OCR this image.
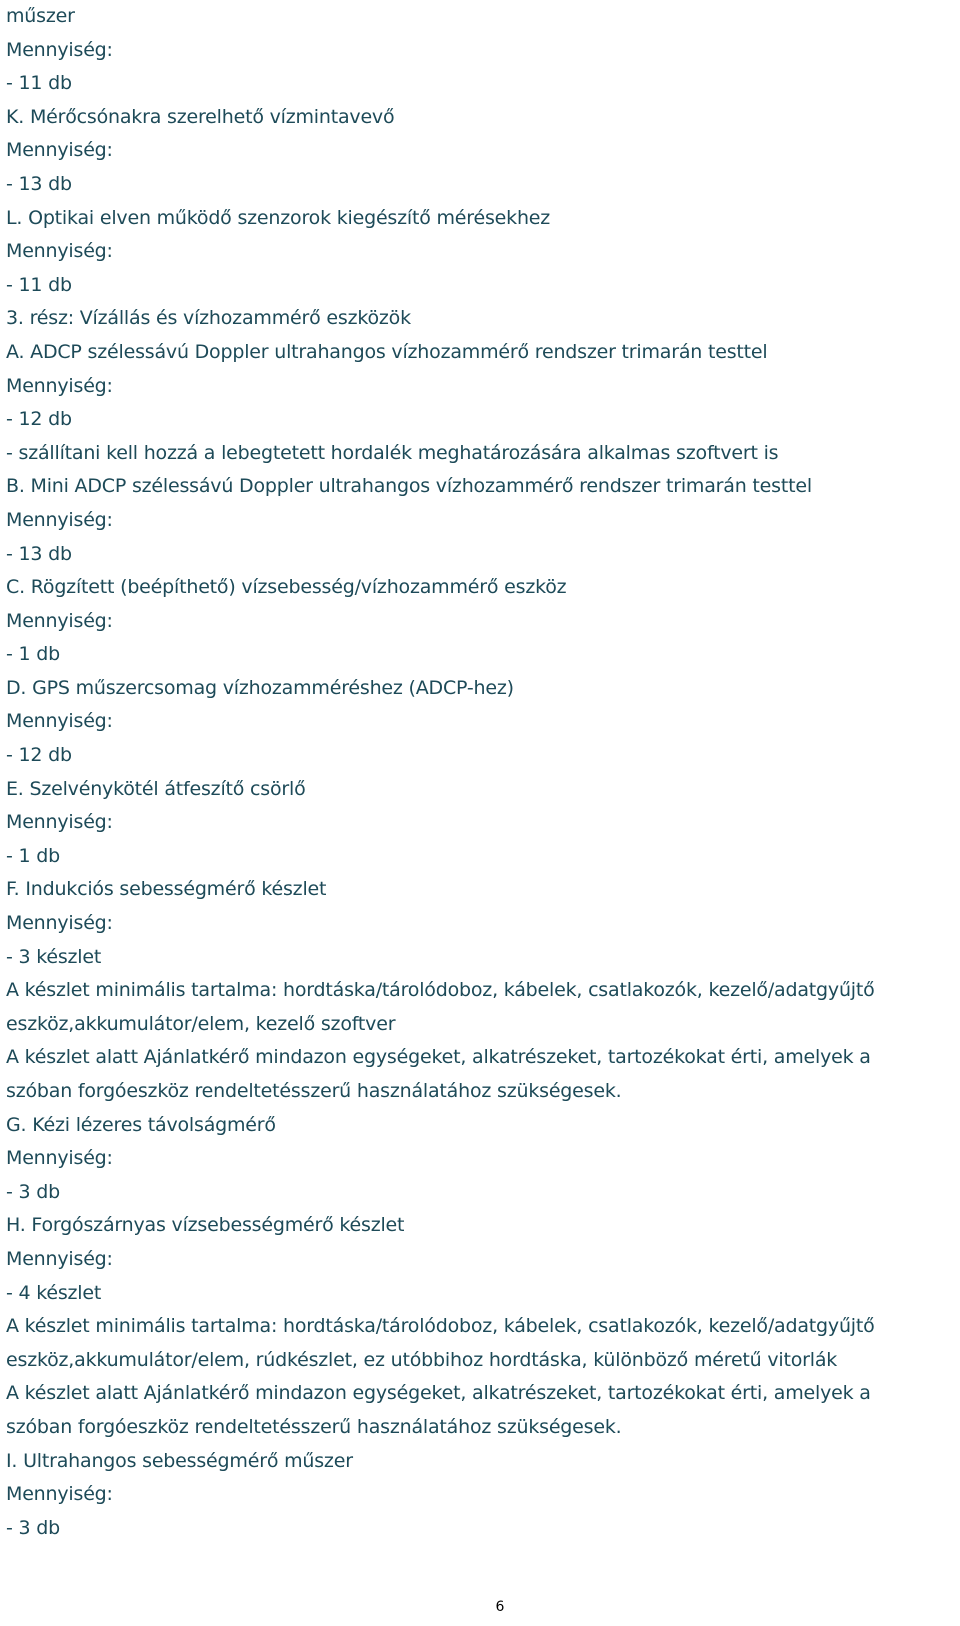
műszer
Mennyiség:
- 11 db
K. Mérőcsónakra szerelhető vízmintavevő
Mennyiség:
- 13 db
L. Optikai elven működő szenzorok kiegészítő mérésekhez
Mennyiség:
- 11 db
3. rész: Vízállás és vízhozammérő eszközök
A. ADCP szélessávú Doppler ultrahangos vízhozammérő rendszer trimarán testtel
Mennyiség:
- 12 db
- szállítani kell hozzá a lebegtetett hordalék meghatározására alkalmas szoftvert is
B. Mini ADCP szélessávú Doppler ultrahangos vízhozammérő rendszer trimarán testtel
Mennyiség:
- 13 db
C. Rögzített (beépíthető) vízsebesség/vízhozammérő eszköz
Mennyiség:
- 1 db
D. GPS műszercsomag vízhozamméréshez (ADCP-hez)
Mennyiség:
- 12 db
E. Szelvénykötél átfeszítő csörlő
Mennyiség:
- 1 db
F. Indukciós sebességmérő készlet
Mennyiség:
- 3 készlet
A készlet minimális tartalma: hordtáska/tárolódoboz, kábelek, csatlakozók, kezelő/adatgyűjtő
eszköz,akkumulátor/elem, kezelő szoftver
A készlet alatt Ajánlatkérő mindazon egységeket, alkatrészeket, tartozékokat érti, amelyek a
szóban forgóeszköz rendeltetésszerű használatához szükségesek.
G. Kézi lézeres távolságmérő
Mennyiség:
- 3 db
H. Forgószárnyas vízsebességmérő készlet
Mennyiség:
- 4 készlet
A készlet minimális tartalma: hordtáska/tárolódoboz, kábelek, csatlakozók, kezelő/adatgyűjtő
eszköz,akkumulátor/elem, rúdkészlet, ez utóbbihoz hordtáska, különböző méretű vitorlák
A készlet alatt Ajánlatkérő mindazon egységeket, alkatrészeket, tartozékokat érti, amelyek a
szóban forgóeszköz rendeltetésszerű használatához szükségesek.
I. Ultrahangos sebességmérő műszer
Mennyiség:
- 3 db
6
